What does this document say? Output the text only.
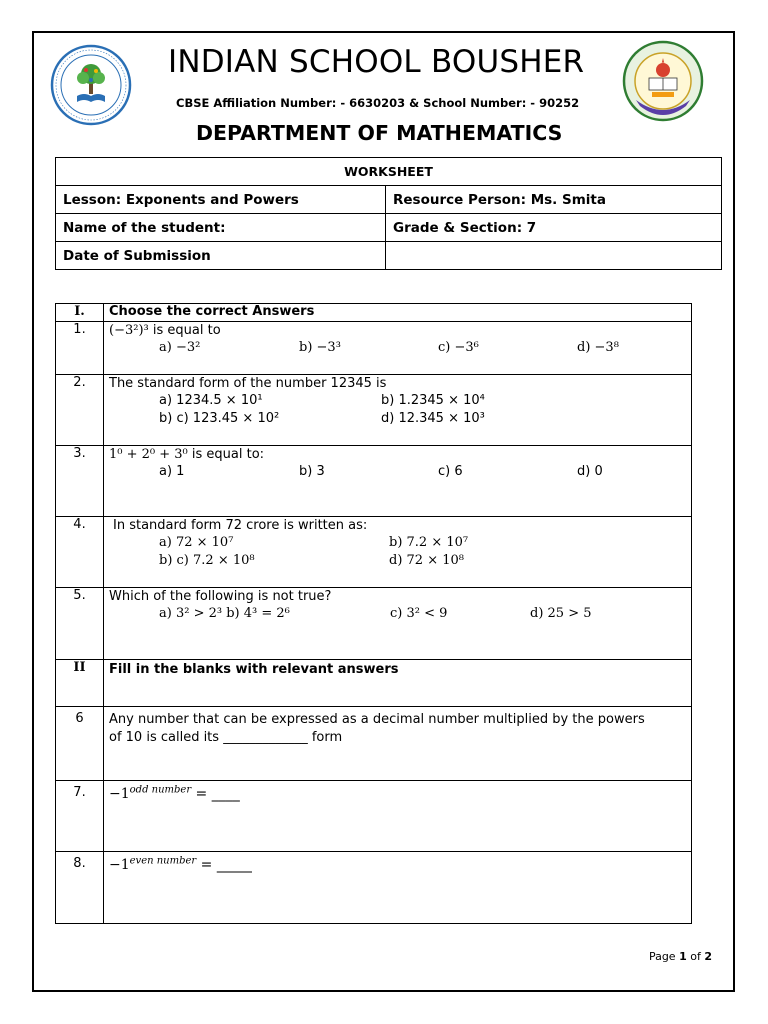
INDIAN SCHOOL BOUSHER
CBSE Affiliation Number: - 6630203 & School Number: - 90252
DEPARTMENT OF MATHEMATICS
WORKSHEET	
Lesson: Exponents and Powers	Resource Person: Ms. Smita
Name of the student:	Grade & Section: 7
Date of Submission	
I.	Choose the correct Answers
1.	(−3²)³ is equal to
a) −3² b) −3³ c) −3⁶ d) −3⁸

2.	The standard form of the number 12345 is
a) 1234.5 × 10¹ b) 1.2345 × 10⁴
b) c) 123.45 × 10² d) 12.345 × 10³

3.	1⁰ + 2⁰ + 3⁰ is equal to:
a) 1 b) 3 c) 6 d) 0

4.	In standard form 72 crore is written as:
a) 72 × 10⁷ b) 7.2 × 10⁷
b) c) 7.2 × 10⁸ d) 72 × 10⁸

5.	Which of the following is not true?
a) 3² > 2³ b) 4³ = 2⁶ c) 3² < 9 d) 25 > 5

II	Fill in the blanks with relevant answers
6	Any number that can be expressed as a decimal number multiplied by the powers
of 10 is called its _____________ form

7.	$-1^{odd number}$ = ____

8.	$-1^{even number}$ = _____
Page 1 of 2
